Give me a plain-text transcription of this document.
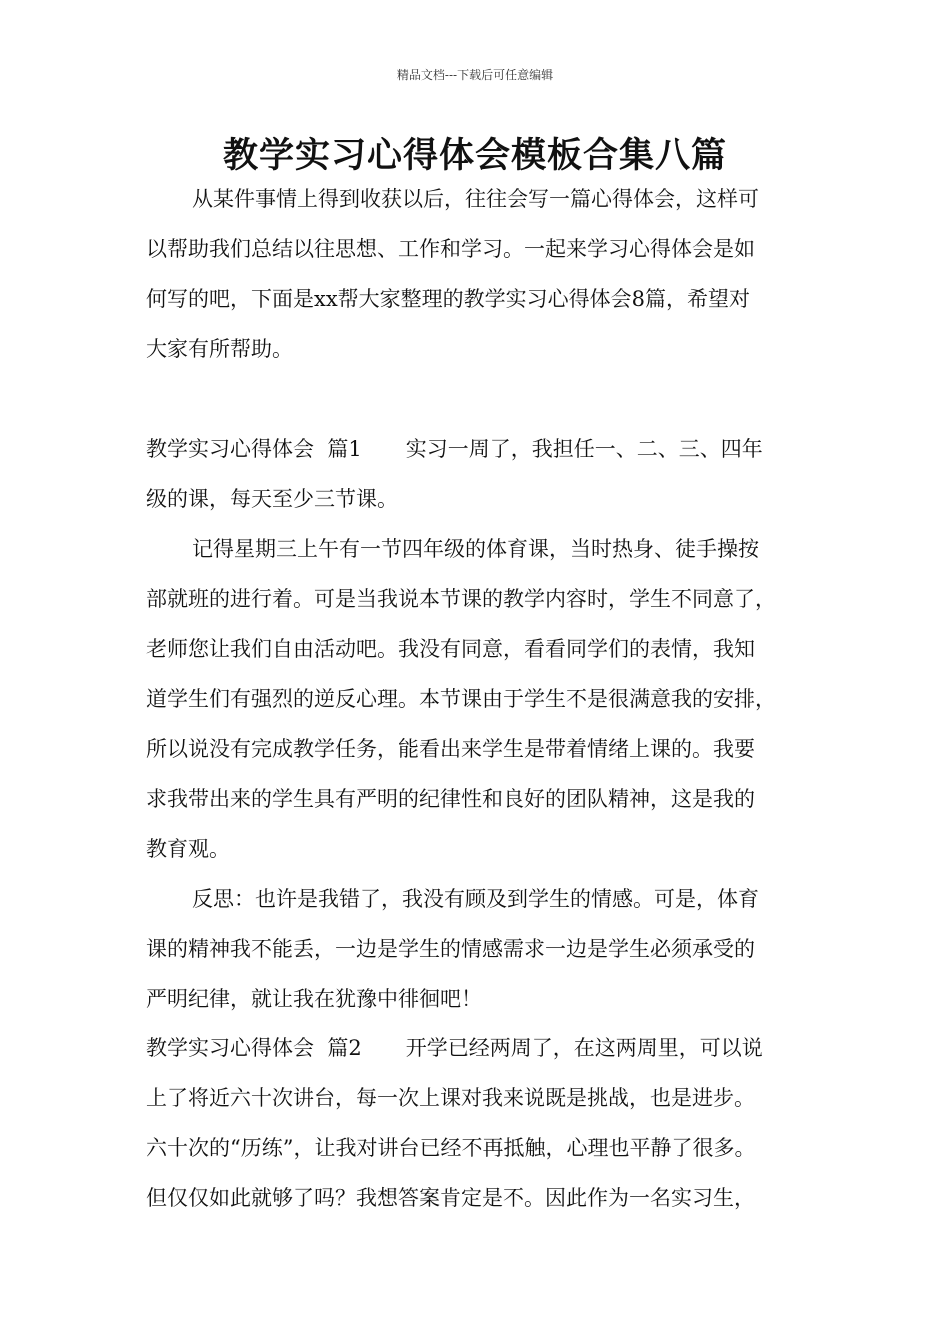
精品文档---下载后可任意编辑
教学实习心得体会模板合集八篇
从某件事情上得到收获以后，往往会写一篇心得体会，这样可
以帮助我们总结以往思想、工作和学习。一起来学习心得体会是如
何写的吧，下面是xx帮大家整理的教学实习心得体会8篇，希望对
大家有所帮助。
教学实习心得体会  篇1 实习一周了，我担任一、二、三、四年
级的课，每天至少三节课。
记得星期三上午有一节四年级的体育课，当时热身、徒手操按
部就班的进行着。可是当我说本节课的教学内容时，学生不同意了，
老师您让我们自由活动吧。我没有同意，看看同学们的表情，我知
道学生们有强烈的逆反心理。本节课由于学生不是很满意我的安排，
所以说没有完成教学任务，能看出来学生是带着情绪上课的。我要
求我带出来的学生具有严明的纪律性和良好的团队精神，这是我的
教育观。
反思：也许是我错了，我没有顾及到学生的情感。可是，体育
课的精神我不能丢，一边是学生的情感需求一边是学生必须承受的
严明纪律，就让我在犹豫中徘徊吧！
教学实习心得体会  篇2 开学已经两周了，在这两周里，可以说
上了将近六十次讲台，每一次上课对我来说既是挑战，也是进步。
六十次的“历练”，让我对讲台已经不再抵触，心理也平静了很多。
但仅仅如此就够了吗？我想答案肯定是不。因此作为一名实习生，
